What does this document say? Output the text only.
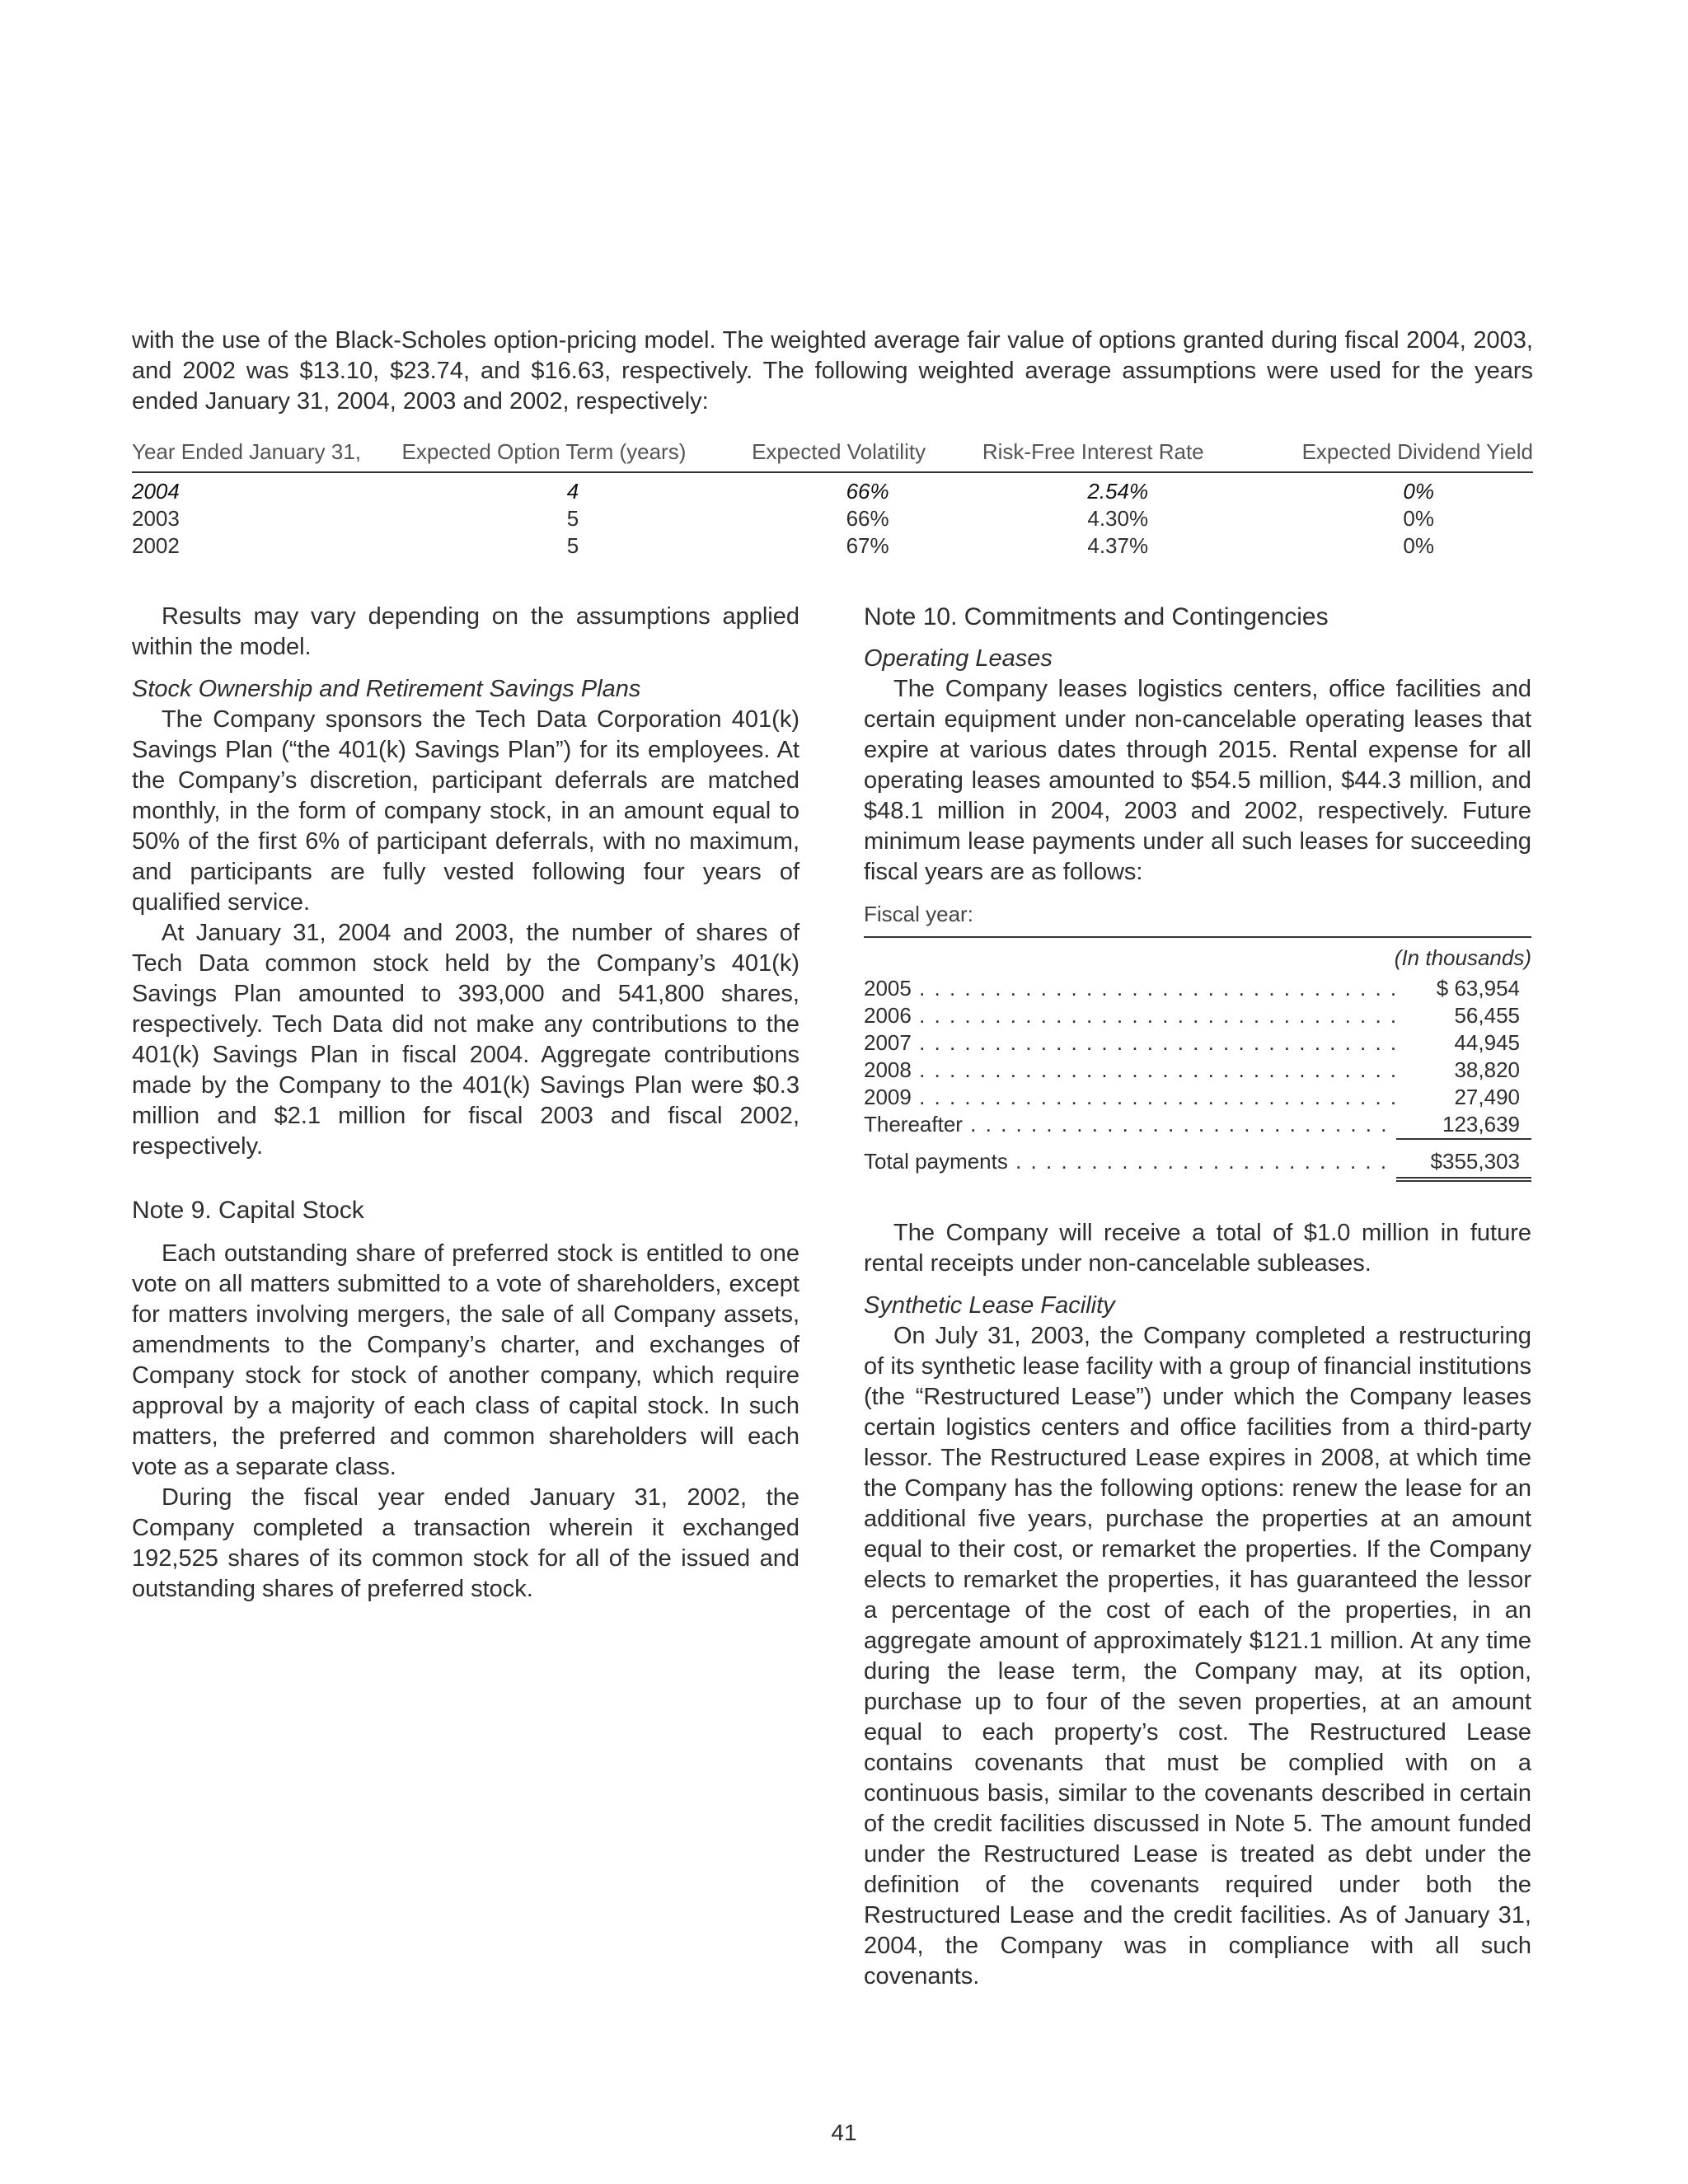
with the use of the Black-Scholes option-pricing model. The weighted average fair value of options granted during fiscal 2004, 2003, and 2002 was $13.10, $23.74, and $16.63, respectively. The following weighted average assumptions were used for the years ended January 31, 2004, 2003 and 2002, respectively:

Year Ended January 31,	Expected Option Term (years)	Expected Volatility	Risk-Free Interest Rate	Expected Dividend Yield
2004	4	66%	2.54%	0%
2003	5	66%	4.30%	0%
2002	5	67%	4.37%	0%

Results may vary depending on the assumptions applied within the model.

Stock Ownership and Retirement Savings Plans

The Company sponsors the Tech Data Corporation 401(k) Savings Plan (“the 401(k) Savings Plan”) for its employees. At the Company’s discretion, participant deferrals are matched monthly, in the form of company stock, in an amount equal to 50% of the first 6% of participant deferrals, with no maximum, and participants are fully vested following four years of qualified service.

At January 31, 2004 and 2003, the number of shares of Tech Data common stock held by the Company’s 401(k) Savings Plan amounted to 393,000 and 541,800 shares, respectively. Tech Data did not make any contributions to the 401(k) Savings Plan in fiscal 2004. Aggregate contributions made by the Company to the 401(k) Savings Plan were $0.3 million and $2.1 million for fiscal 2003 and fiscal 2002, respectively.

Note 9. Capital Stock

Each outstanding share of preferred stock is entitled to one vote on all matters submitted to a vote of shareholders, except for matters involving mergers, the sale of all Company assets, amendments to the Company’s charter, and exchanges of Company stock for stock of another company, which require approval by a majority of each class of capital stock. In such matters, the preferred and common shareholders will each vote as a separate class.

During the fiscal year ended January 31, 2002, the Company completed a transaction wherein it exchanged 192,525 shares of its common stock for all of the issued and outstanding shares of preferred stock.

Note 10. Commitments and Contingencies

Operating Leases

The Company leases logistics centers, office facilities and certain equipment under non-cancelable operating leases that expire at various dates through 2015. Rental expense for all operating leases amounted to $54.5 million, $44.3 million, and $48.1 million in 2004, 2003 and 2002, respectively. Future minimum lease payments under all such leases for succeeding fiscal years are as follows:

Fiscal year:
(In thousands)
2005 . . .	$ 63,954
2006 . . .	56,455
2007 . . .	44,945
2008 . . .	38,820
2009 . . .	27,490
Thereafter . . .	123,639
Total payments . . .	$355,303

The Company will receive a total of $1.0 million in future rental receipts under non-cancelable subleases.

Synthetic Lease Facility

On July 31, 2003, the Company completed a restructuring of its synthetic lease facility with a group of financial institutions (the “Restructured Lease”) under which the Company leases certain logistics centers and office facilities from a third-party lessor. The Restructured Lease expires in 2008, at which time the Company has the following options: renew the lease for an additional five years, purchase the properties at an amount equal to their cost, or remarket the properties. If the Company elects to remarket the properties, it has guaranteed the lessor a percentage of the cost of each of the properties, in an aggregate amount of approximately $121.1 million. At any time during the lease term, the Company may, at its option, purchase up to four of the seven properties, at an amount equal to each property’s cost. The Restructured Lease contains covenants that must be complied with on a continuous basis, similar to the covenants described in certain of the credit facilities discussed in Note 5. The amount funded under the Restructured Lease is treated as debt under the definition of the covenants required under both the Restructured Lease and the credit facilities. As of January 31, 2004, the Company was in compliance with all such covenants.

41
